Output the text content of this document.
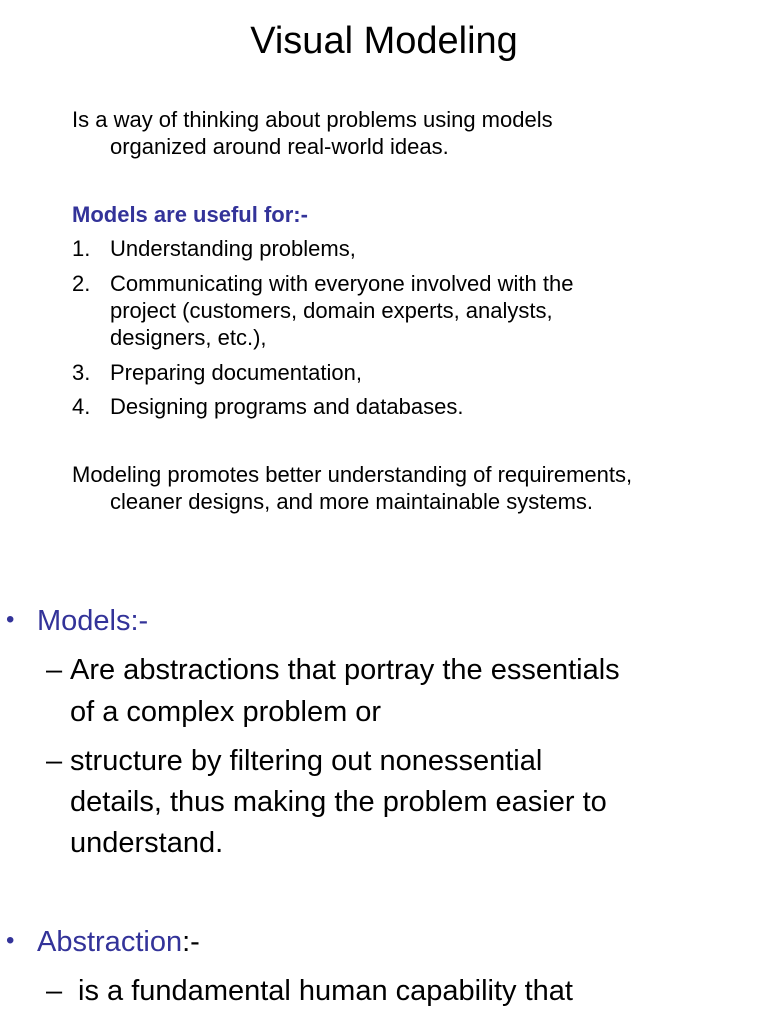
Visual Modeling
Is a way of thinking about problems using models
organized around real-world ideas.
Models are useful for:-
1. Understanding problems,
2. Communicating with everyone involved with the
project (customers, domain experts, analysts,
designers, etc.),
3. Preparing documentation,
4. Designing programs and databases.
Modeling promotes better understanding of requirements,
cleaner designs, and more maintainable systems.
• Models:-
– Are abstractions that portray the essentials
of a complex problem or
– structure by filtering out nonessential
details, thus making the problem easier to
understand.
• Abstraction:-
– is a fundamental human capability that
